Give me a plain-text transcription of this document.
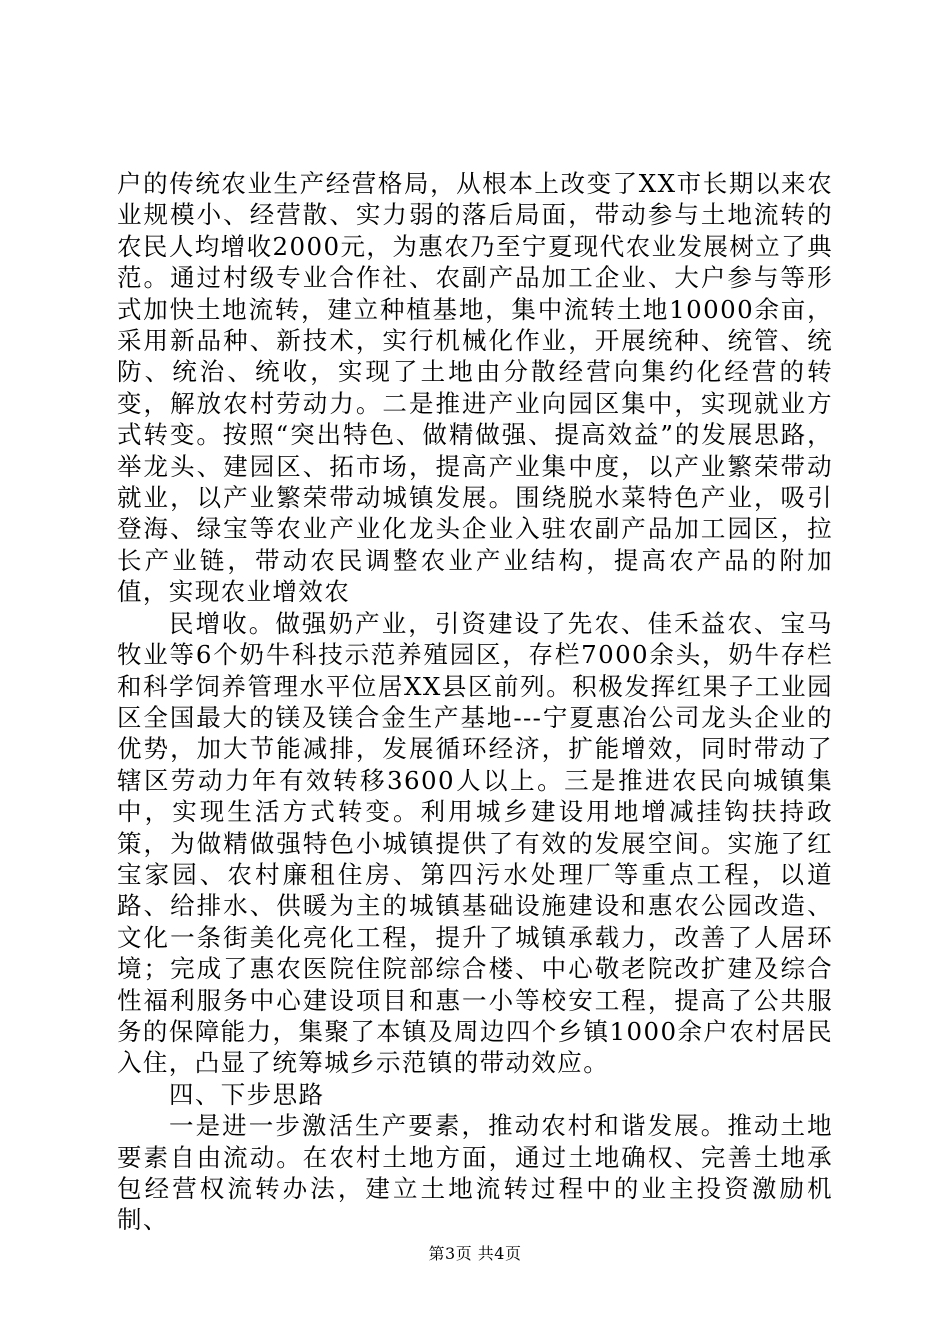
户的传统农业生产经营格局，从根本上改变了XX市长期以来农业规模小、经营散、实力弱的落后局面，带动参与土地流转的农民人均增收2000元，为惠农乃至宁夏现代农业发展树立了典范。通过村级专业合作社、农副产品加工企业、大户参与等形式加快土地流转，建立种植基地，集中流转土地10000余亩，采用新品种、新技术，实行机械化作业，开展统种、统管、统防、统治、统收，实现了土地由分散经营向集约化经营的转变，解放农村劳动力。二是推进产业向园区集中，实现就业方式转变。按照“突出特色、做精做强、提高效益”的发展思路，举龙头、建园区、拓市场，提高产业集中度，以产业繁荣带动就业，以产业繁荣带动城镇发展。围绕脱水菜特色产业，吸引登海、绿宝等农业产业化龙头企业入驻农副产品加工园区，拉长产业链，带动农民调整农业产业结构，提高农产品的附加值，实现农业增效农

民增收。做强奶产业，引资建设了先农、佳禾益农、宝马牧业等6个奶牛科技示范养殖园区，存栏7000余头，奶牛存栏和科学饲养管理水平位居XX县区前列。积极发挥红果子工业园区全国最大的镁及镁合金生产基地---宁夏惠冶公司龙头企业的优势，加大节能减排，发展循环经济，扩能增效，同时带动了辖区劳动力年有效转移3600人以上。三是推进农民向城镇集中，实现生活方式转变。利用城乡建设用地增减挂钩扶持政策，为做精做强特色小城镇提供了有效的发展空间。实施了红宝家园、农村廉租住房、第四污水处理厂等重点工程，以道路、给排水、供暖为主的城镇基础设施建设和惠农公园改造、文化一条街美化亮化工程，提升了城镇承载力，改善了人居环境；完成了惠农医院住院部综合楼、中心敬老院改扩建及综合性福利服务中心建设项目和惠一小等校安工程，提高了公共服务的保障能力，集聚了本镇及周边四个乡镇1000余户农村居民入住，凸显了统筹城乡示范镇的带动效应。

四、下步思路

一是进一步激活生产要素，推动农村和谐发展。推动土地要素自由流动。在农村土地方面，通过土地确权、完善土地承包经营权流转办法，建立土地流转过程中的业主投资激励机制、

第3页 共4页
